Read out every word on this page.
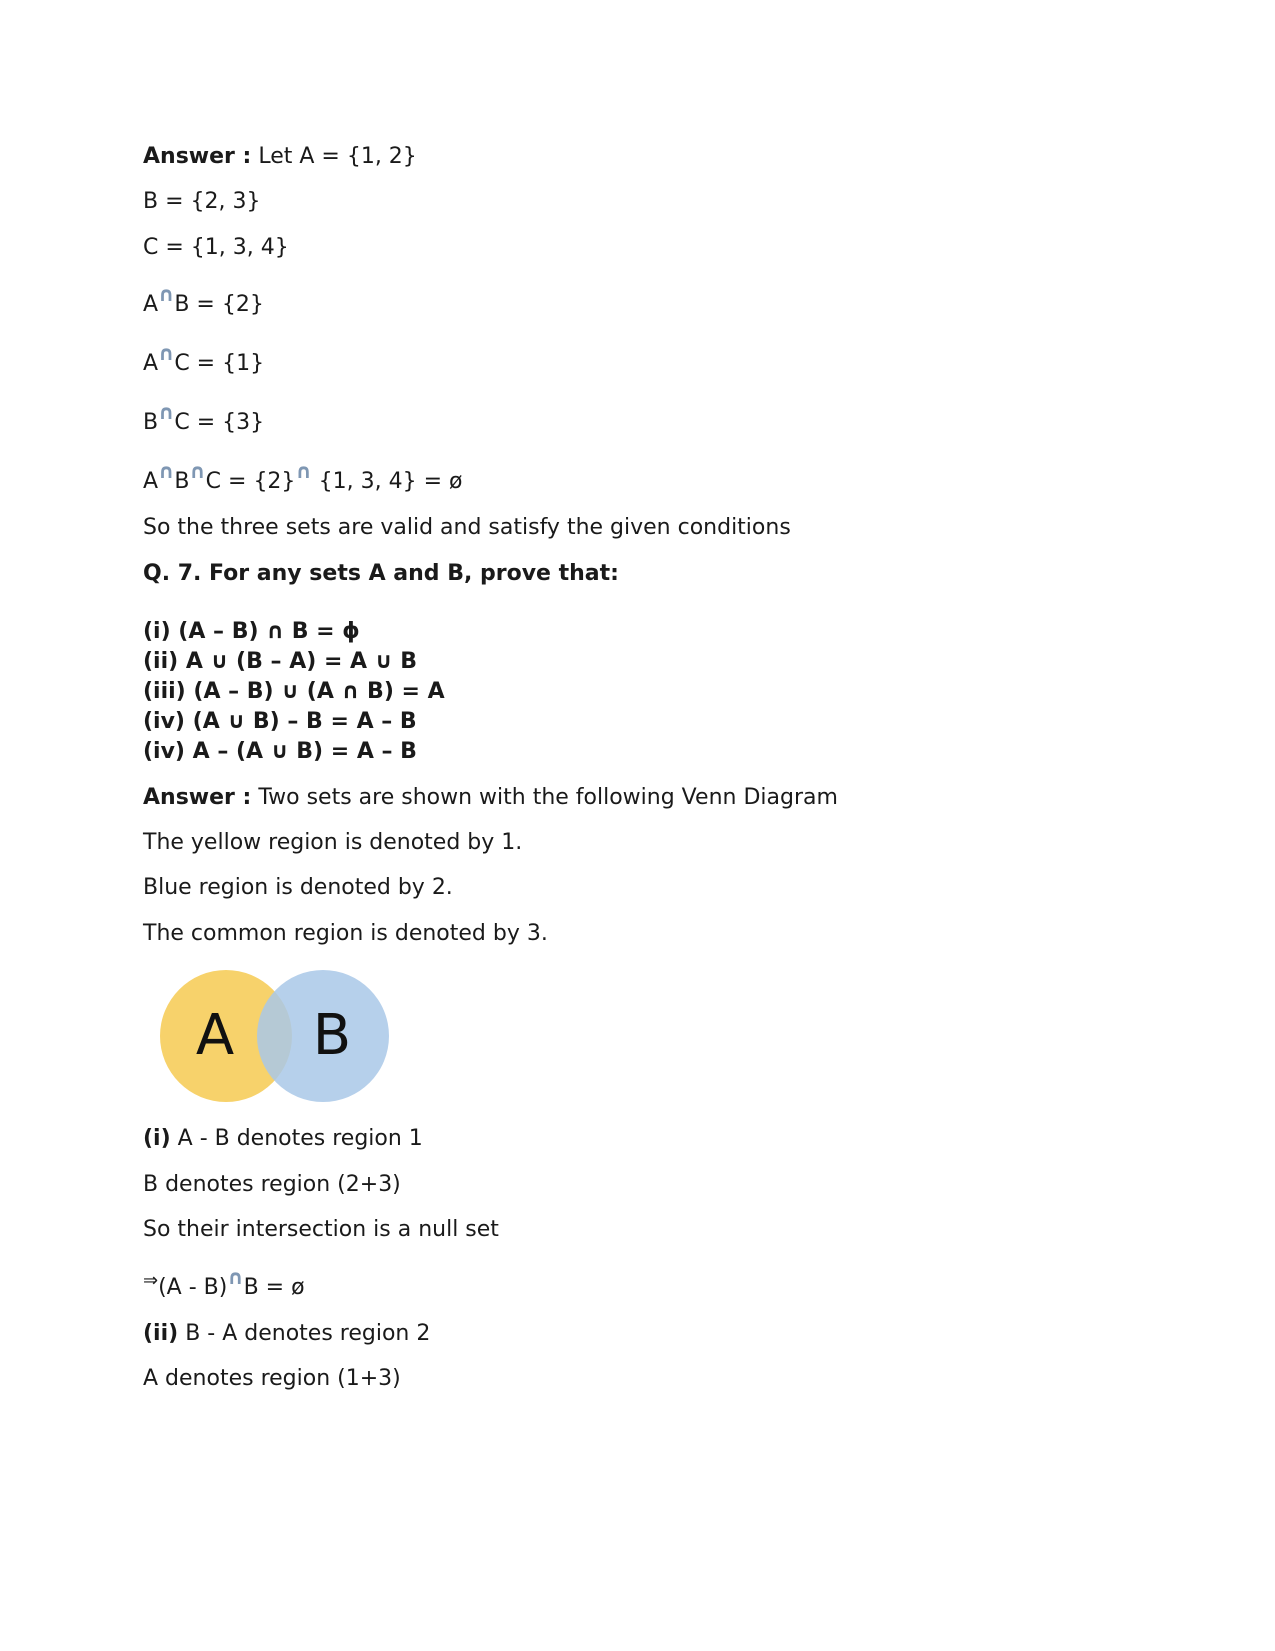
Answer : Let A = {1, 2}
B = {2, 3}
C = {1, 3, 4}
A∩B = {2}
A∩C = {1}
B∩C = {3}
A∩B∩C = {2}∩ {1, 3, 4} = ø
So the three sets are valid and satisfy the given conditions
Q. 7. For any sets A and B, prove that:
(i) (A – B) ∩ B = ϕ
(ii) A ∪ (B – A) = A ∪ B
(iii) (A – B) ∪ (A ∩ B) = A
(iv) (A ∪ B) – B = A – B
(iv) A – (A ∪ B) = A – B
Answer : Two sets are shown with the following Venn Diagram
The yellow region is denoted by 1.
Blue region is denoted by 2.
The common region is denoted by 3.
A B
(i) A - B denotes region 1
B denotes region (2+3)
So their intersection is a null set
⇒(A - B)∩B = ø
(ii) B - A denotes region 2
A denotes region (1+3)
